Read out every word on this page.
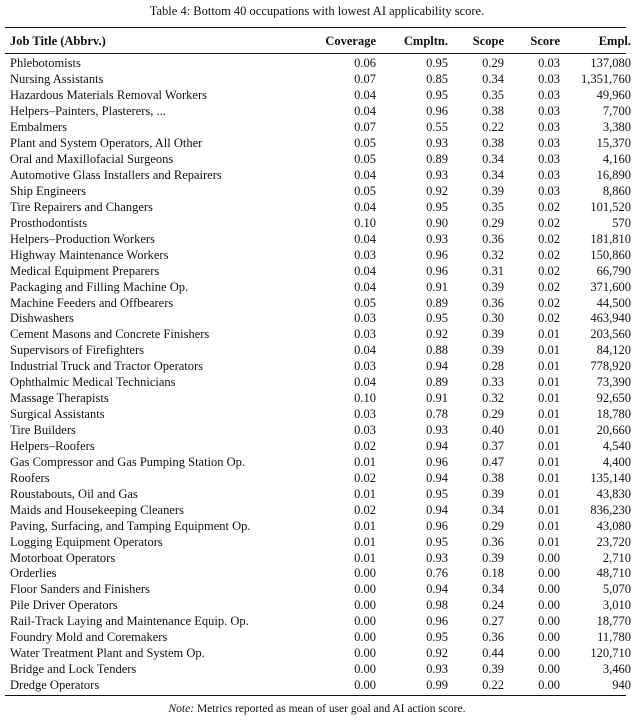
Table 4: Bottom 40 occupations with lowest AI applicability score.
Job Title (Abbrv.)	Coverage	Cmpltn.	Scope	Score	Empl.
Phlebotomists	0.06	0.95	0.29	0.03	137,080
Nursing Assistants	0.07	0.85	0.34	0.03	1,351,760
Hazardous Materials Removal Workers	0.04	0.95	0.35	0.03	49,960
Helpers–Painters, Plasterers, ...	0.04	0.96	0.38	0.03	7,700
Embalmers	0.07	0.55	0.22	0.03	3,380
Plant and System Operators, All Other	0.05	0.93	0.38	0.03	15,370
Oral and Maxillofacial Surgeons	0.05	0.89	0.34	0.03	4,160
Automotive Glass Installers and Repairers	0.04	0.93	0.34	0.03	16,890
Ship Engineers	0.05	0.92	0.39	0.03	8,860
Tire Repairers and Changers	0.04	0.95	0.35	0.02	101,520
Prosthodontists	0.10	0.90	0.29	0.02	570
Helpers–Production Workers	0.04	0.93	0.36	0.02	181,810
Highway Maintenance Workers	0.03	0.96	0.32	0.02	150,860
Medical Equipment Preparers	0.04	0.96	0.31	0.02	66,790
Packaging and Filling Machine Op.	0.04	0.91	0.39	0.02	371,600
Machine Feeders and Offbearers	0.05	0.89	0.36	0.02	44,500
Dishwashers	0.03	0.95	0.30	0.02	463,940
Cement Masons and Concrete Finishers	0.03	0.92	0.39	0.01	203,560
Supervisors of Firefighters	0.04	0.88	0.39	0.01	84,120
Industrial Truck and Tractor Operators	0.03	0.94	0.28	0.01	778,920
Ophthalmic Medical Technicians	0.04	0.89	0.33	0.01	73,390
Massage Therapists	0.10	0.91	0.32	0.01	92,650
Surgical Assistants	0.03	0.78	0.29	0.01	18,780
Tire Builders	0.03	0.93	0.40	0.01	20,660
Helpers–Roofers	0.02	0.94	0.37	0.01	4,540
Gas Compressor and Gas Pumping Station Op.	0.01	0.96	0.47	0.01	4,400
Roofers	0.02	0.94	0.38	0.01	135,140
Roustabouts, Oil and Gas	0.01	0.95	0.39	0.01	43,830
Maids and Housekeeping Cleaners	0.02	0.94	0.34	0.01	836,230
Paving, Surfacing, and Tamping Equipment Op.	0.01	0.96	0.29	0.01	43,080
Logging Equipment Operators	0.01	0.95	0.36	0.01	23,720
Motorboat Operators	0.01	0.93	0.39	0.00	2,710
Orderlies	0.00	0.76	0.18	0.00	48,710
Floor Sanders and Finishers	0.00	0.94	0.34	0.00	5,070
Pile Driver Operators	0.00	0.98	0.24	0.00	3,010
Rail-Track Laying and Maintenance Equip. Op.	0.00	0.96	0.27	0.00	18,770
Foundry Mold and Coremakers	0.00	0.95	0.36	0.00	11,780
Water Treatment Plant and System Op.	0.00	0.92	0.44	0.00	120,710
Bridge and Lock Tenders	0.00	0.93	0.39	0.00	3,460
Dredge Operators	0.00	0.99	0.22	0.00	940
Note: Metrics reported as mean of user goal and AI action score.
